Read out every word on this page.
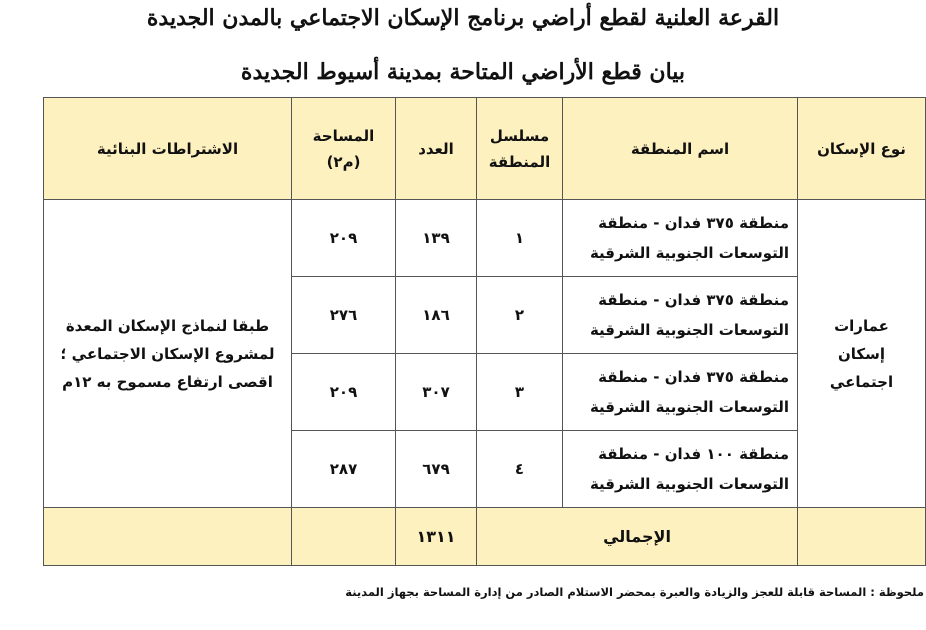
القرعة العلنية لقطع أراضي برنامج الإسكان الاجتماعي بالمدن الجديدة
بيان قطع الأراضي المتاحة بمدينة أسيوط الجديدة
نوع الإسكان	اسم المنطقة	مسلسل المنطقة	العدد	المساحة (م٢)	الاشتراطات البنائية
عمارات إسكان اجتماعي	منطقة ٣٧٥ فدان - منطقة التوسعات الجنوبية الشرقية	١	١٣٩	٢٠٩	طبقا لنماذج الإسكان المعدة لمشروع الإسكان الاجتماعي ؛ اقصى ارتفاع مسموح به ١٢م
	منطقة ٣٧٥ فدان - منطقة التوسعات الجنوبية الشرقية	٢	١٨٦	٢٧٦	
	منطقة ٣٧٥ فدان - منطقة التوسعات الجنوبية الشرقية	٣	٣٠٧	٢٠٩	
	منطقة ١٠٠ فدان - منطقة التوسعات الجنوبية الشرقية	٤	٦٧٩	٢٨٧	
	الإجمالي		١٣١١		
ملحوظة : المساحة قابلة للعجز والزيادة والعبرة بمحضر الاستلام الصادر من إدارة المساحة بجهاز المدينة
